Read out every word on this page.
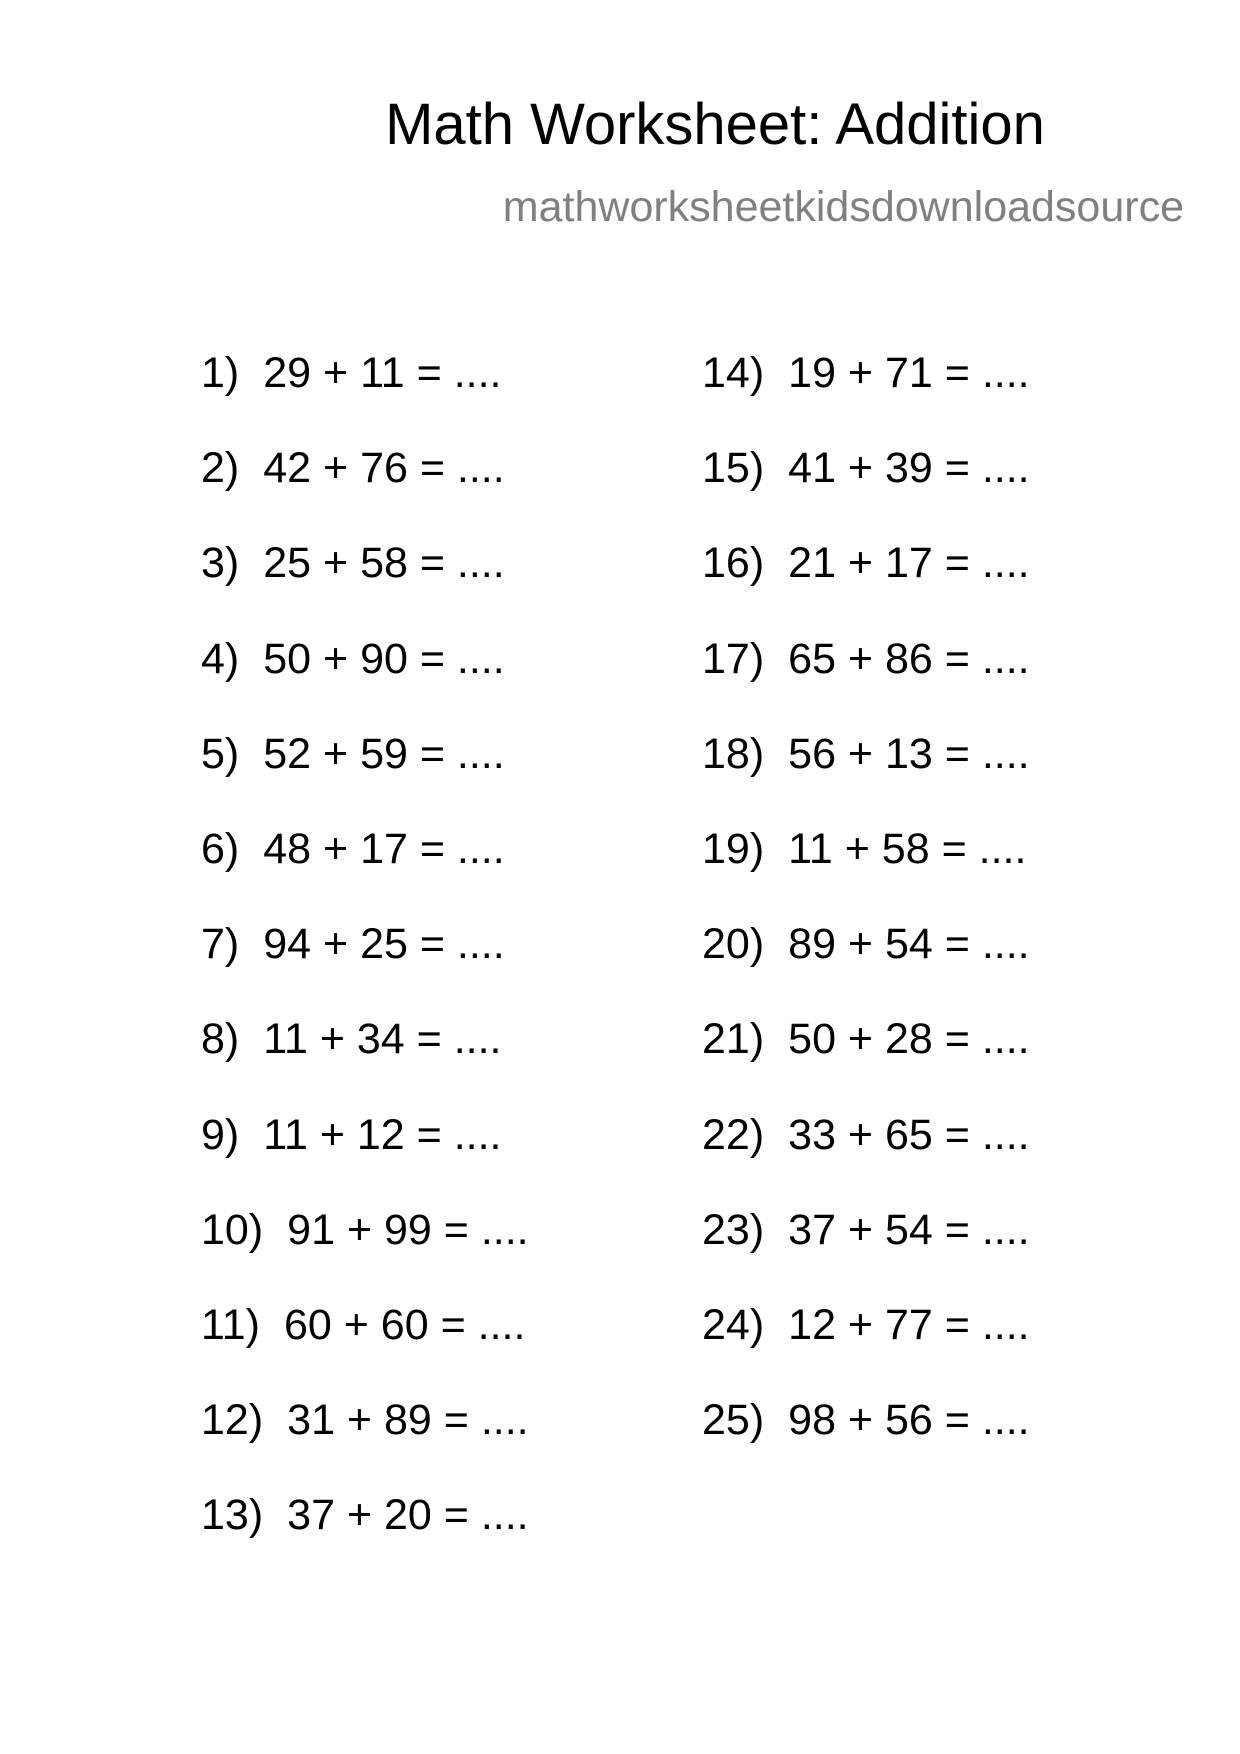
Math Worksheet: Addition
mathworksheetkidsdownloadsource
1) 29 + 11 = ....
2) 42 + 76 = ....
3) 25 + 58 = ....
4) 50 + 90 = ....
5) 52 + 59 = ....
6) 48 + 17 = ....
7) 94 + 25 = ....
8) 11 + 34 = ....
9) 11 + 12 = ....
10) 91 + 99 = ....
11) 60 + 60 = ....
12) 31 + 89 = ....
13) 37 + 20 = ....
14) 19 + 71 = ....
15) 41 + 39 = ....
16) 21 + 17 = ....
17) 65 + 86 = ....
18) 56 + 13 = ....
19) 11 + 58 = ....
20) 89 + 54 = ....
21) 50 + 28 = ....
22) 33 + 65 = ....
23) 37 + 54 = ....
24) 12 + 77 = ....
25) 98 + 56 = ....
